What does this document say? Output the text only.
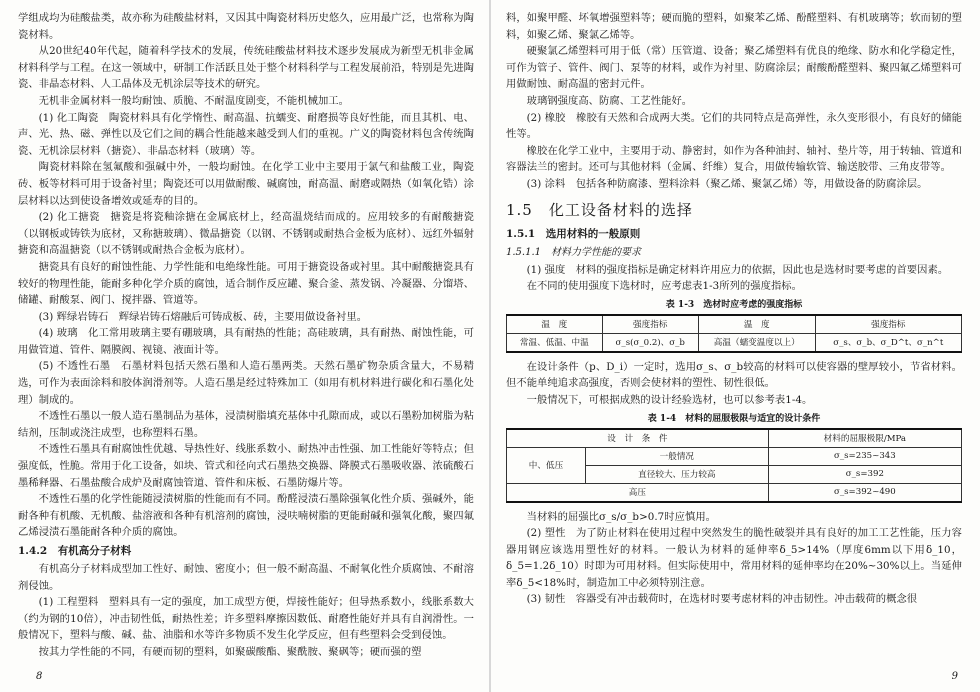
学组成均为硅酸盐类，故亦称为硅酸盐材料，又因其中陶瓷材料历史悠久，应用最广泛，也常称为陶瓷材料。

从20世纪40年代起，随着科学技术的发展，传统硅酸盐材料技术逐步发展成为新型无机非金属材料科学与工程。在这一领域中，研制工作活跃且处于整个材料科学与工程发展前沿，特别是先进陶瓷、非晶态材料、人工晶体及无机涂层等技术的研究。

无机非金属材料一般均耐蚀、质脆、不耐温度剧变，不能机械加工。

(1) 化工陶瓷　陶瓷材料具有化学惰性、耐高温、抗蠕变、耐磨损等良好性能，而且其机、电、声、光、热、磁、弹性以及它们之间的耦合性能越来越受到人们的重视。广义的陶瓷材料包含传统陶瓷、无机涂层材料（搪瓷）、非晶态材料（玻璃）等。

陶瓷材料除在氢氟酸和强碱中外，一般均耐蚀。在化学工业中主要用于氯气和盐酸工业，陶瓷砖、板等材料可用于设备衬里；陶瓷还可以用做耐酸、碱腐蚀，耐高温、耐磨或隔热（如氧化锆）涂层材料以达到使设备增效或延寿的目的。

(2) 化工搪瓷　搪瓷是将瓷釉涂搪在金属底材上，经高温烧结而成的。应用较多的有耐酸搪瓷（以钢板或铸铁为底材，又称搪玻璃）、微晶搪瓷（以钢、不锈钢或耐热合金板为底材）、远红外辐射搪瓷和高温搪瓷（以不锈钢或耐热合金板为底材）。

搪瓷具有良好的耐蚀性能、力学性能和电绝缘性能。可用于搪瓷设备或衬里。其中耐酸搪瓷具有较好的物理性能，能耐多种化学介质的腐蚀，适合制作反应罐、聚合釜、蒸发锅、冷凝器、分馏塔、储罐、耐酸泵、阀门、搅拌器、管道等。

(3) 辉绿岩铸石　辉绿岩铸石熔融后可铸成板、砖，主要用做设备衬里。

(4) 玻璃　化工常用玻璃主要有硼玻璃，具有耐热的性能；高硅玻璃，具有耐热、耐蚀性能，可用做管道、管件、隔膜阀、视镜、液面计等。

(5) 不透性石墨　石墨材料包括天然石墨和人造石墨两类。天然石墨矿物杂质含量大，不易精选，可作为表面涂料和胶体润滑剂等。人造石墨是经过特殊加工（如用有机材料进行碳化和石墨化处理）制成的。

不透性石墨以一般人造石墨制品为基体，浸渍树脂填充基体中孔隙而成，或以石墨粉加树脂为粘结剂，压制或浇注成型，也称塑料石墨。

不透性石墨具有耐腐蚀性优越、导热性好、线胀系数小、耐热冲击性强、加工性能好等特点；但强度低，性脆。常用于化工设备，如块、管式和径向式石墨热交换器、降膜式石墨吸收器、浓硫酸石墨稀释器、石墨盐酸合成炉及耐腐蚀管道、管件和床板、石墨防爆片等。

不透性石墨的化学性能随浸渍树脂的性能而有不同。酚醛浸渍石墨除强氧化性介质、强碱外，能耐各种有机酸、无机酸、盐溶液和各种有机溶剂的腐蚀，浸呋喃树脂的更能耐碱和强氧化酸，聚四氟乙烯浸渍石墨能耐各种介质的腐蚀。

1.4.2　有机高分子材料

有机高分子材料成型加工性好、耐蚀、密度小；但一般不耐高温、不耐氧化性介质腐蚀、不耐溶剂侵蚀。

(1) 工程塑料　塑料具有一定的强度，加工成型方便，焊接性能好；但导热系数小，线胀系数大（约为钢的10倍），冲击韧性低，耐热性差；许多塑料摩擦因数低、耐磨性能好并具有自润滑性。一般情况下，塑料与酸、碱、盐、油脂和水等许多物质不发生化学反应，但有些塑料会受到侵蚀。

按其力学性能的不同，有硬而韧的塑料，如聚碳酸酯、聚酰胺、聚砜等；硬而强的塑

8

料，如聚甲醛、坏氧增强塑料等；硬而脆的塑料，如聚苯乙烯、酚醛塑料、有机玻璃等；软而韧的塑料，如聚乙烯、聚氯乙烯等。

硬聚氯乙烯塑料可用于低（常）压管道、设备；聚乙烯塑料有优良的绝缘、防水和化学稳定性，可作为管子、管件、阀门、泵等的材料，或作为衬里、防腐涂层；耐酸酚醛塑料、聚四氟乙烯塑料可用做耐蚀、耐高温的密封元件。

玻璃钢强度高、防腐、工艺性能好。

(2) 橡胶　橡胶有天然和合成两大类。它们的共同特点是高弹性，永久变形很小，有良好的储能性等。

橡胶在化学工业中，主要用于动、静密封，如作为各种油封、轴衬、垫片等，用于转轴、管道和容器法兰的密封。还可与其他材料（金属、纤维）复合，用做传输软管、输送胶带、三角皮带等。

(3) 涂料　包括各种防腐漆、塑料涂料（聚乙烯、聚氯乙烯）等，用做设备的防腐涂层。

1.5　化工设备材料的选择
1.5.1　选用材料的一般原则
1.5.1.1　材料力学性能的要求

(1) 强度　材料的强度指标是确定材料许用应力的依据，因此也是选材时要考虑的首要因素。

在不同的使用强度下选材时，应考虑表1-3所列的强度指标。

表 1-3　选材时应考虑的强度指标
温　度	强度指标	温　度	强度指标
常温、低温、中温	σ_s(σ_0.2)、σ_b	高温（蠕变温度以上）	σ_s、σ_b、σ_D^t、σ_n^t

在设计条件（p、D_i）一定时，选用σ_s、σ_b较高的材料可以使容器的壁厚较小，节省材料。但不能单纯追求高强度，否则会使材料的塑性、韧性很低。

一般情况下，可根据成熟的设计经验选材，也可以参考表1-4。

表 1-4　材料的屈服极限与适宜的设计条件
设　计　条　件		材料的屈服极限/MPa
中、低压	一般情况	σ_s=235~343
	直径较大、压力较高	σ_s=392
高压		σ_s=392~490

当材料的屈强比σ_s/σ_b>0.7时应慎用。

(2) 塑性　为了防止材料在使用过程中突然发生的脆性破裂并具有良好的加工工艺性能，压力容器用钢应该选用塑性好的材料。一般认为材料的延伸率δ_5>14%（厚度6mm以下用δ_10，δ_5=1.2δ_10）时即为可用材料。但实际使用中，常用材料的延伸率均在20%~30%以上。当延伸率δ_5<18%时，制造加工中必须特别注意。

(3) 韧性　容器受有冲击载荷时，在选材时要考虑材料的冲击韧性。冲击载荷的概念很

9
